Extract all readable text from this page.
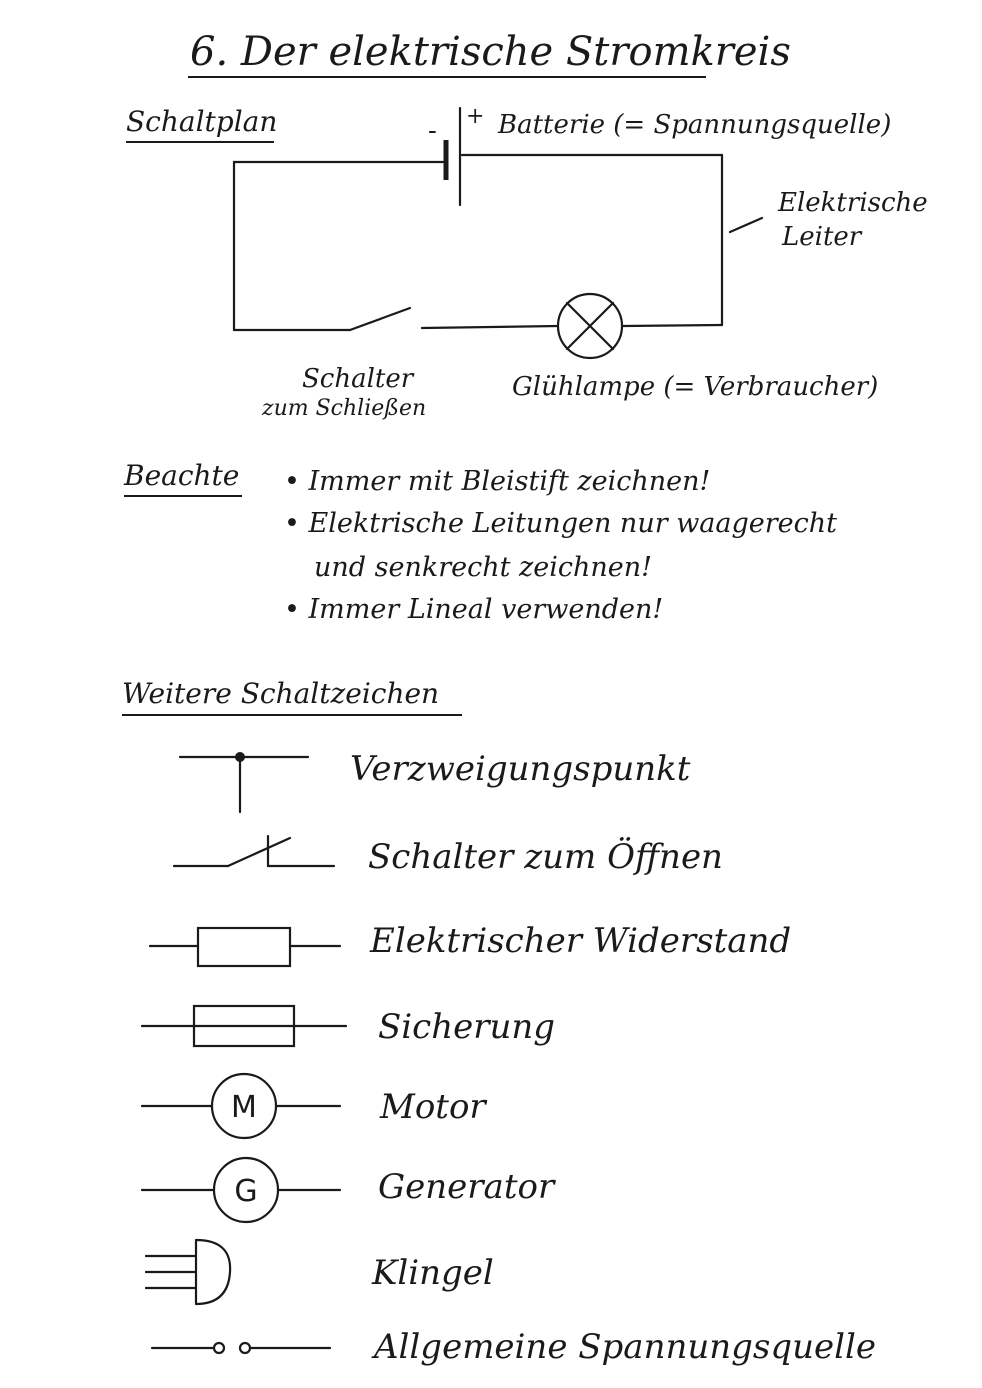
6. Der elektrische Stromkreis
Schaltplan
M
G
- + Batterie (= Spannungsquelle)
Elektrische
Leiter
Schalter
zum Schließen
Glühlampe (= Verbraucher)
Beachte • Immer mit Bleistift zeichnen!
• Elektrische Leitungen nur waagerecht
und senkrecht zeichnen!
• Immer Lineal verwenden!
Weitere Schaltzeichen
Verzweigungspunkt
Schalter zum Öffnen
Elektrischer Widerstand
Sicherung
Motor
Generator
Klingel
Allgemeine Spannungsquelle
